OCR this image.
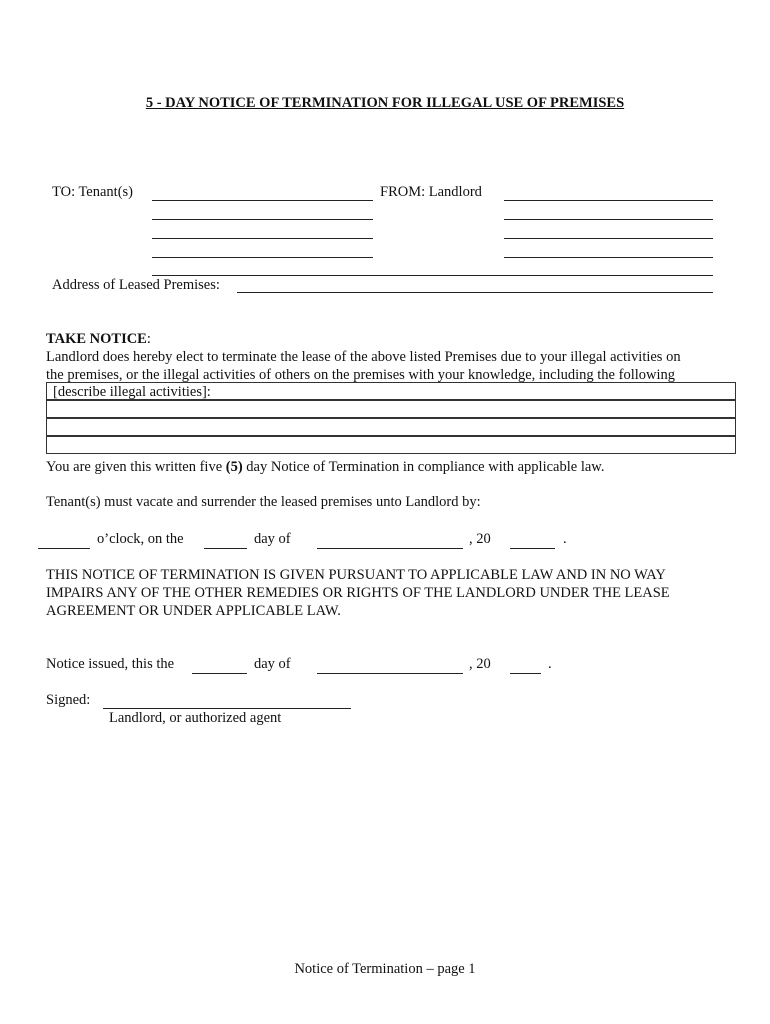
5 - DAY NOTICE OF TERMINATION FOR ILLEGAL USE OF PREMISES
TO: Tenant(s)	FROM: Landlord
Address of Leased Premises:
TAKE NOTICE:
Landlord does hereby elect to terminate the lease of the above listed Premises due to your illegal activities on
the premises, or the illegal activities of others on the premises with your knowledge, including the following
[describe illegal activities]:
You are given this written five (5) day Notice of Termination in compliance with applicable law.
Tenant(s) must vacate and surrender the leased premises unto Landlord by:
o’clock, on the	day of	, 20	.
THIS NOTICE OF TERMINATION IS GIVEN PURSUANT TO APPLICABLE LAW AND IN NO WAY
IMPAIRS ANY OF THE OTHER REMEDIES OR RIGHTS OF THE LANDLORD UNDER THE LEASE
AGREEMENT OR UNDER APPLICABLE LAW.
Notice issued, this the	day of	, 20	.
Signed:
Landlord, or authorized agent
Notice of Termination – page 1
